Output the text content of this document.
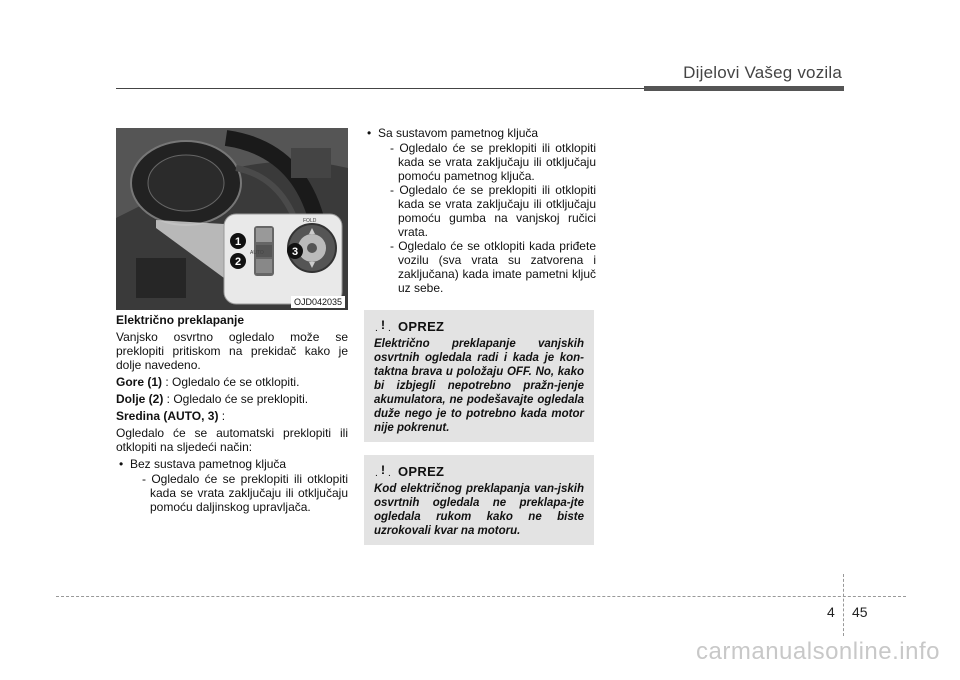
Dijelovi Vašeg vozila
1
2
3
FOLD
AUTO
OJD042035

Električno preklapanje

Vanjsko osvrtno ogledalo može se preklopiti pritiskom na prekidač kako je dolje navedeno.

Gore (1) : Ogledalo će se otklopiti.

Dolje (2) : Ogledalo će se preklopiti.

Sredina (AUTO, 3) :

Ogledalo će se automatski preklopiti ili otklopiti na sljedeći način:

• Bez sustava pametnog ključa

- Ogledalo će se preklopiti ili otklopiti kada se vrata zaključaju ili otključaju pomoću daljinskog upravljača.

• Sa sustavom pametnog ključa

- Ogledalo će se preklopiti ili otklopiti kada se vrata zaključaju ili otključaju pomoću pametnog ključa.

- Ogledalo će se preklopiti ili otklopiti kada se vrata zaključaju ili otključaju pomoću gumba na vanjskoj ručici vrata.

- Ogledalo će se otklopiti kada priđete vozilu (sva vrata su zatvorena i zaključana) kada imate pametni ključ uz sebe.

. ! . OPREZ
Električno preklapanje vanjskih osvrtnih ogledala radi i kada je kon-taktna brava u položaju OFF. No, kako bi izbjegli nepotrebno pražn-jenje akumulatora, ne podešavajte ogledala duže nego je to potrebno kada motor nije pokrenut.
. ! . OPREZ
Kod električnog preklapanja van-jskih osvrtnih ogledala ne preklapa-jte ogledala rukom kako ne biste uzrokovali kvar na motoru.
4 45
carmanualsonline.info
